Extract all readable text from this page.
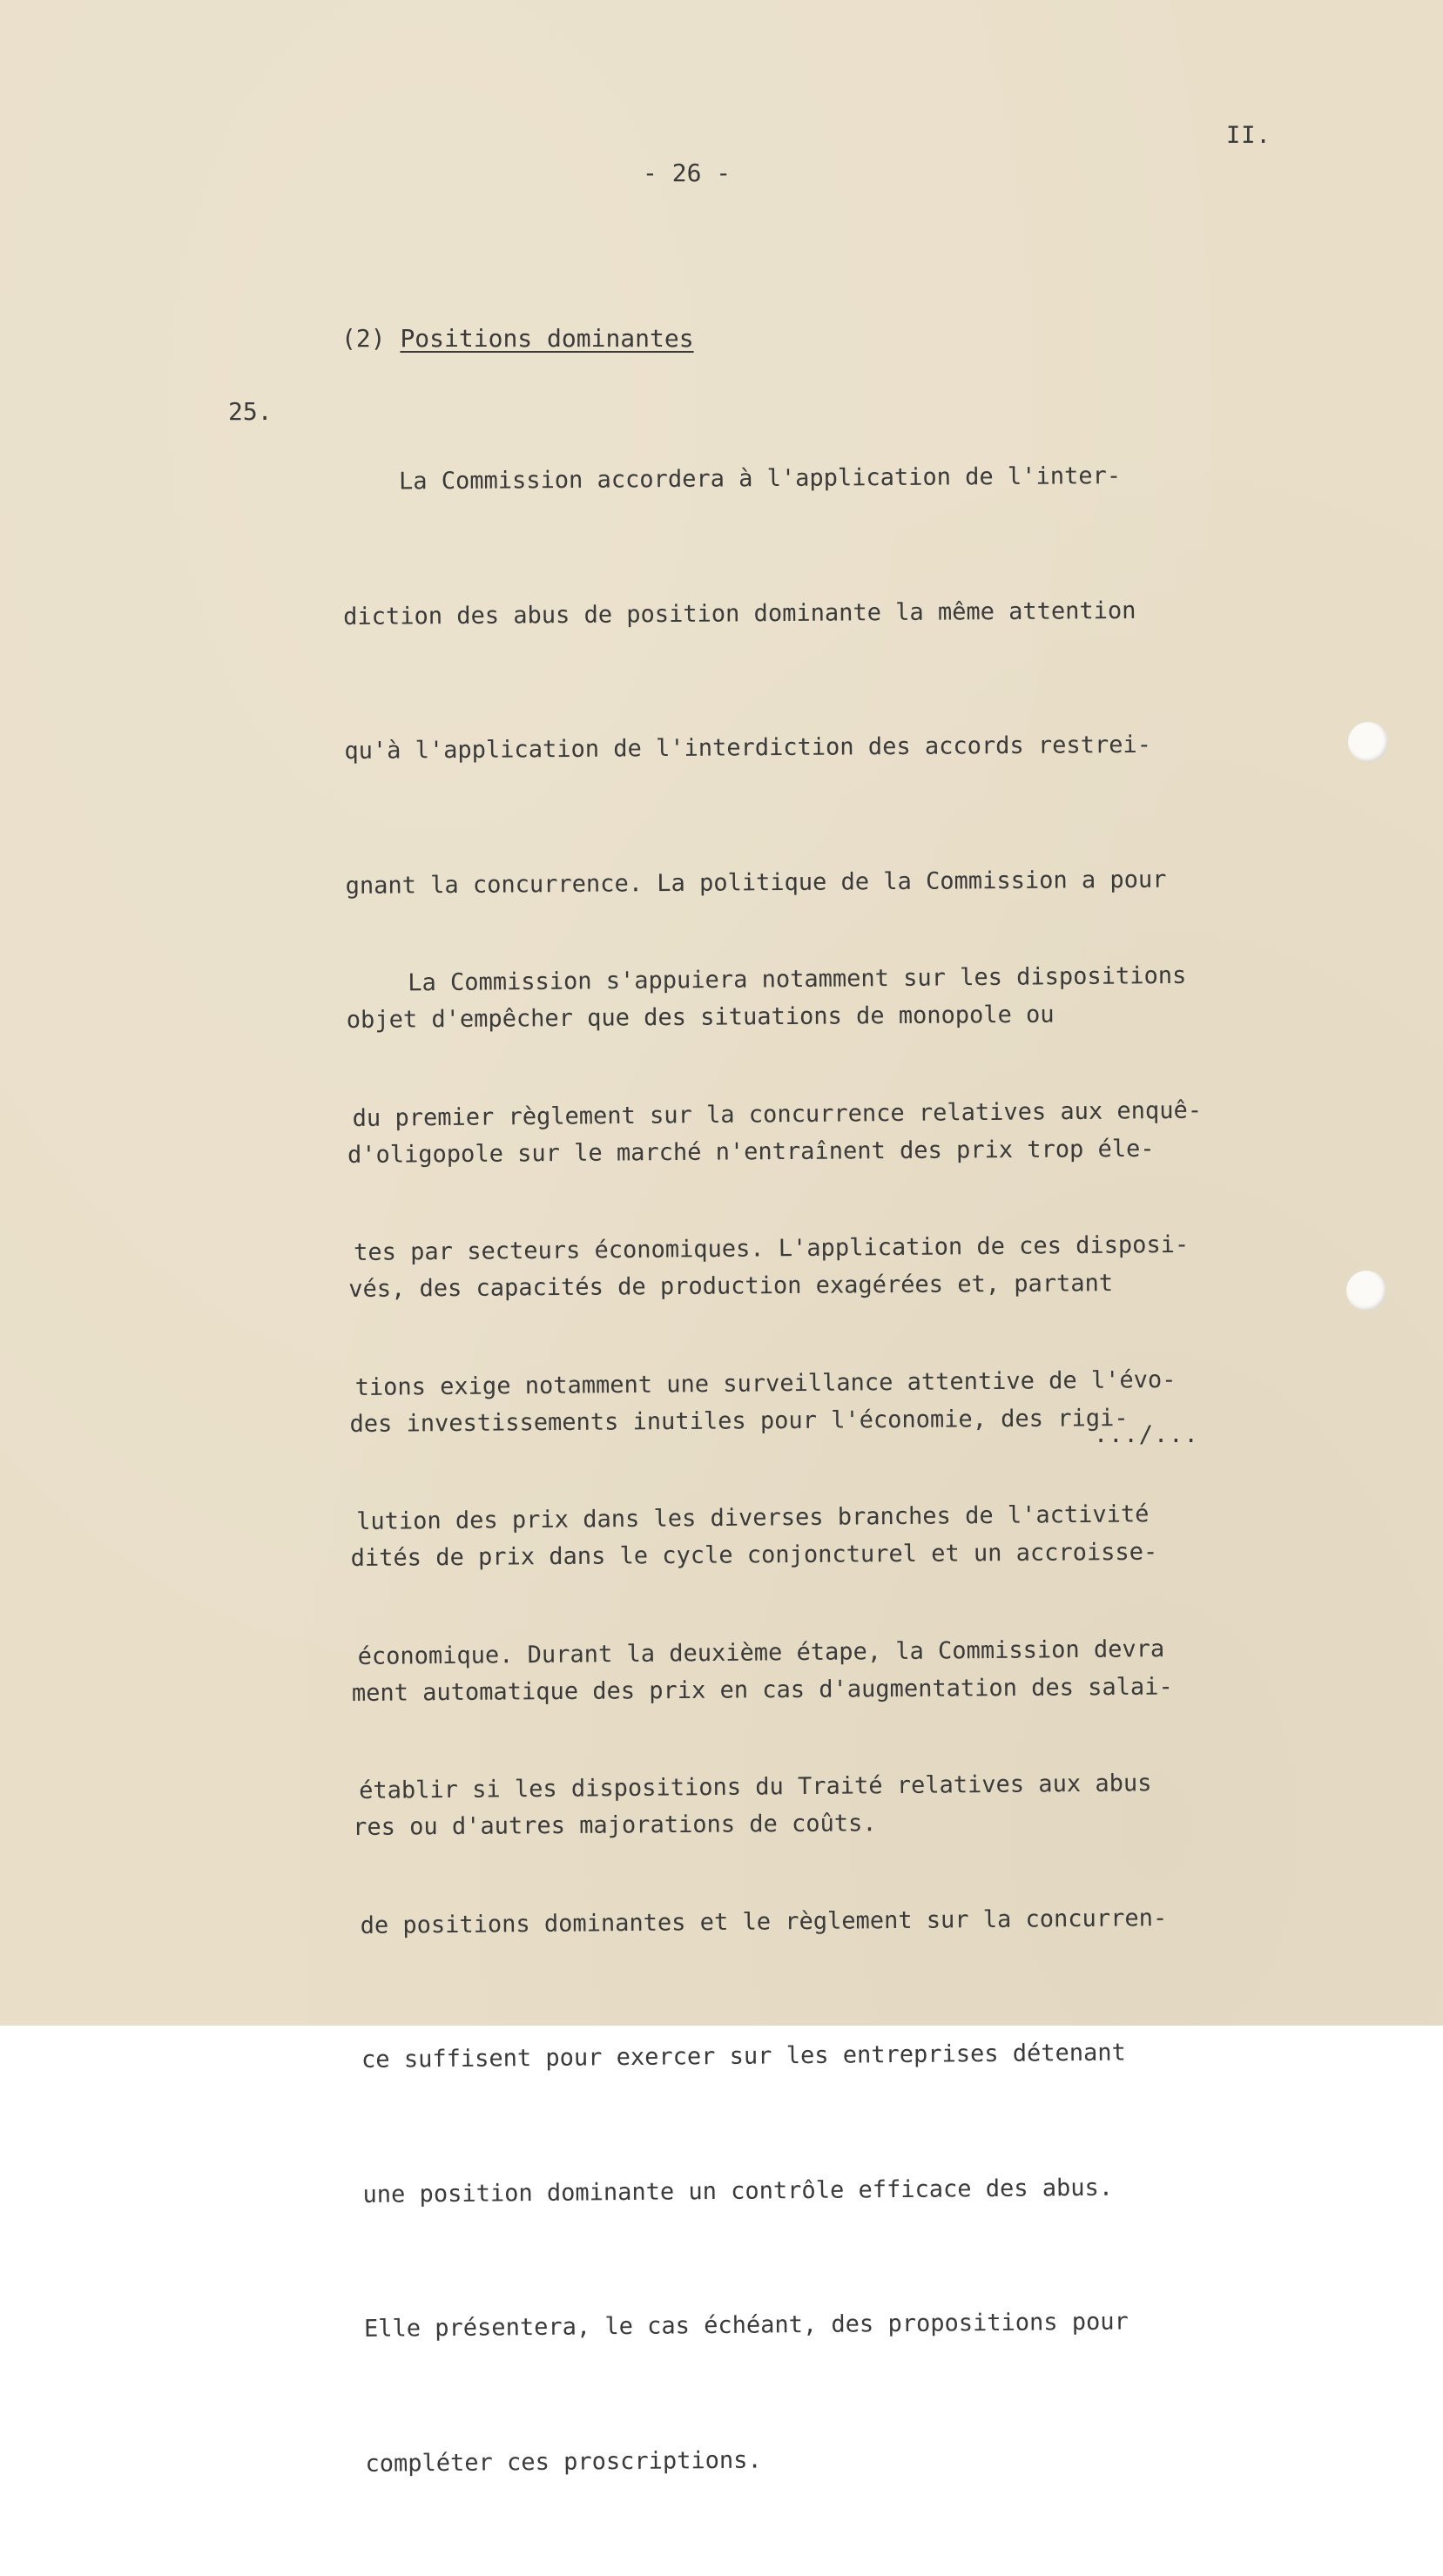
II.
- 26 -
(2) Positions dominantes
25.

La Commission accordera à l'application de l'inter-

diction des abus de position dominante la même attention

qu'à l'application de l'interdiction des accords restrei-

gnant la concurrence. La politique de la Commission a pour

objet d'empêcher que des situations de monopole ou

d'oligopole sur le marché n'entraînent des prix trop éle-

vés, des capacités de production exagérées et, partant

des investissements inutiles pour l'économie, des rigi-

dités de prix dans le cycle conjoncturel et un accroisse-

ment automatique des prix en cas d'augmentation des salai-

res ou d'autres majorations de coûts.

La Commission s'appuiera notamment sur les dispositions

du premier règlement sur la concurrence relatives aux enquê-

tes par secteurs économiques. L'application de ces disposi-

tions exige notamment une surveillance attentive de l'évo-

lution des prix dans les diverses branches de l'activité

économique. Durant la deuxième étape, la Commission devra

établir si les dispositions du Traité relatives aux abus

de positions dominantes et le règlement sur la concurren-

ce suffisent pour exercer sur les entreprises détenant

une position dominante un contrôle efficace des abus.

Elle présentera, le cas échéant, des propositions pour

compléter ces proscriptions.

.../...
